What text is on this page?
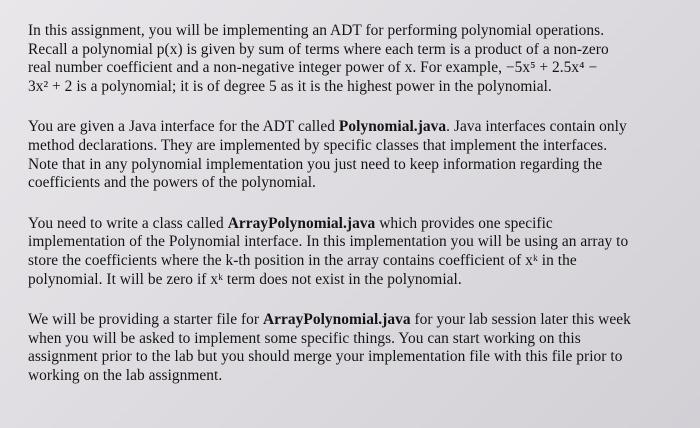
In this assignment, you will be implementing an ADT for performing polynomial operations.
Recall a polynomial p(x) is given by sum of terms where each term is a product of a non-zero
real number coefficient and a non-negative integer power of x. For example, −5x⁵ + 2.5x⁴ −
3x² + 2 is a polynomial; it is of degree 5 as it is the highest power in the polynomial.

You are given a Java interface for the ADT called Polynomial.java. Java interfaces contain only
method declarations. They are implemented by specific classes that implement the interfaces.
Note that in any polynomial implementation you just need to keep information regarding the
coefficients and the powers of the polynomial.

You need to write a class called ArrayPolynomial.java which provides one specific
implementation of the Polynomial interface. In this implementation you will be using an array to
store the coefficients where the k-th position in the array contains coefficient of xᵏ in the
polynomial. It will be zero if xᵏ term does not exist in the polynomial.

We will be providing a starter file for ArrayPolynomial.java for your lab session later this week
when you will be asked to implement some specific things. You can start working on this
assignment prior to the lab but you should merge your implementation file with this file prior to
working on the lab assignment.
